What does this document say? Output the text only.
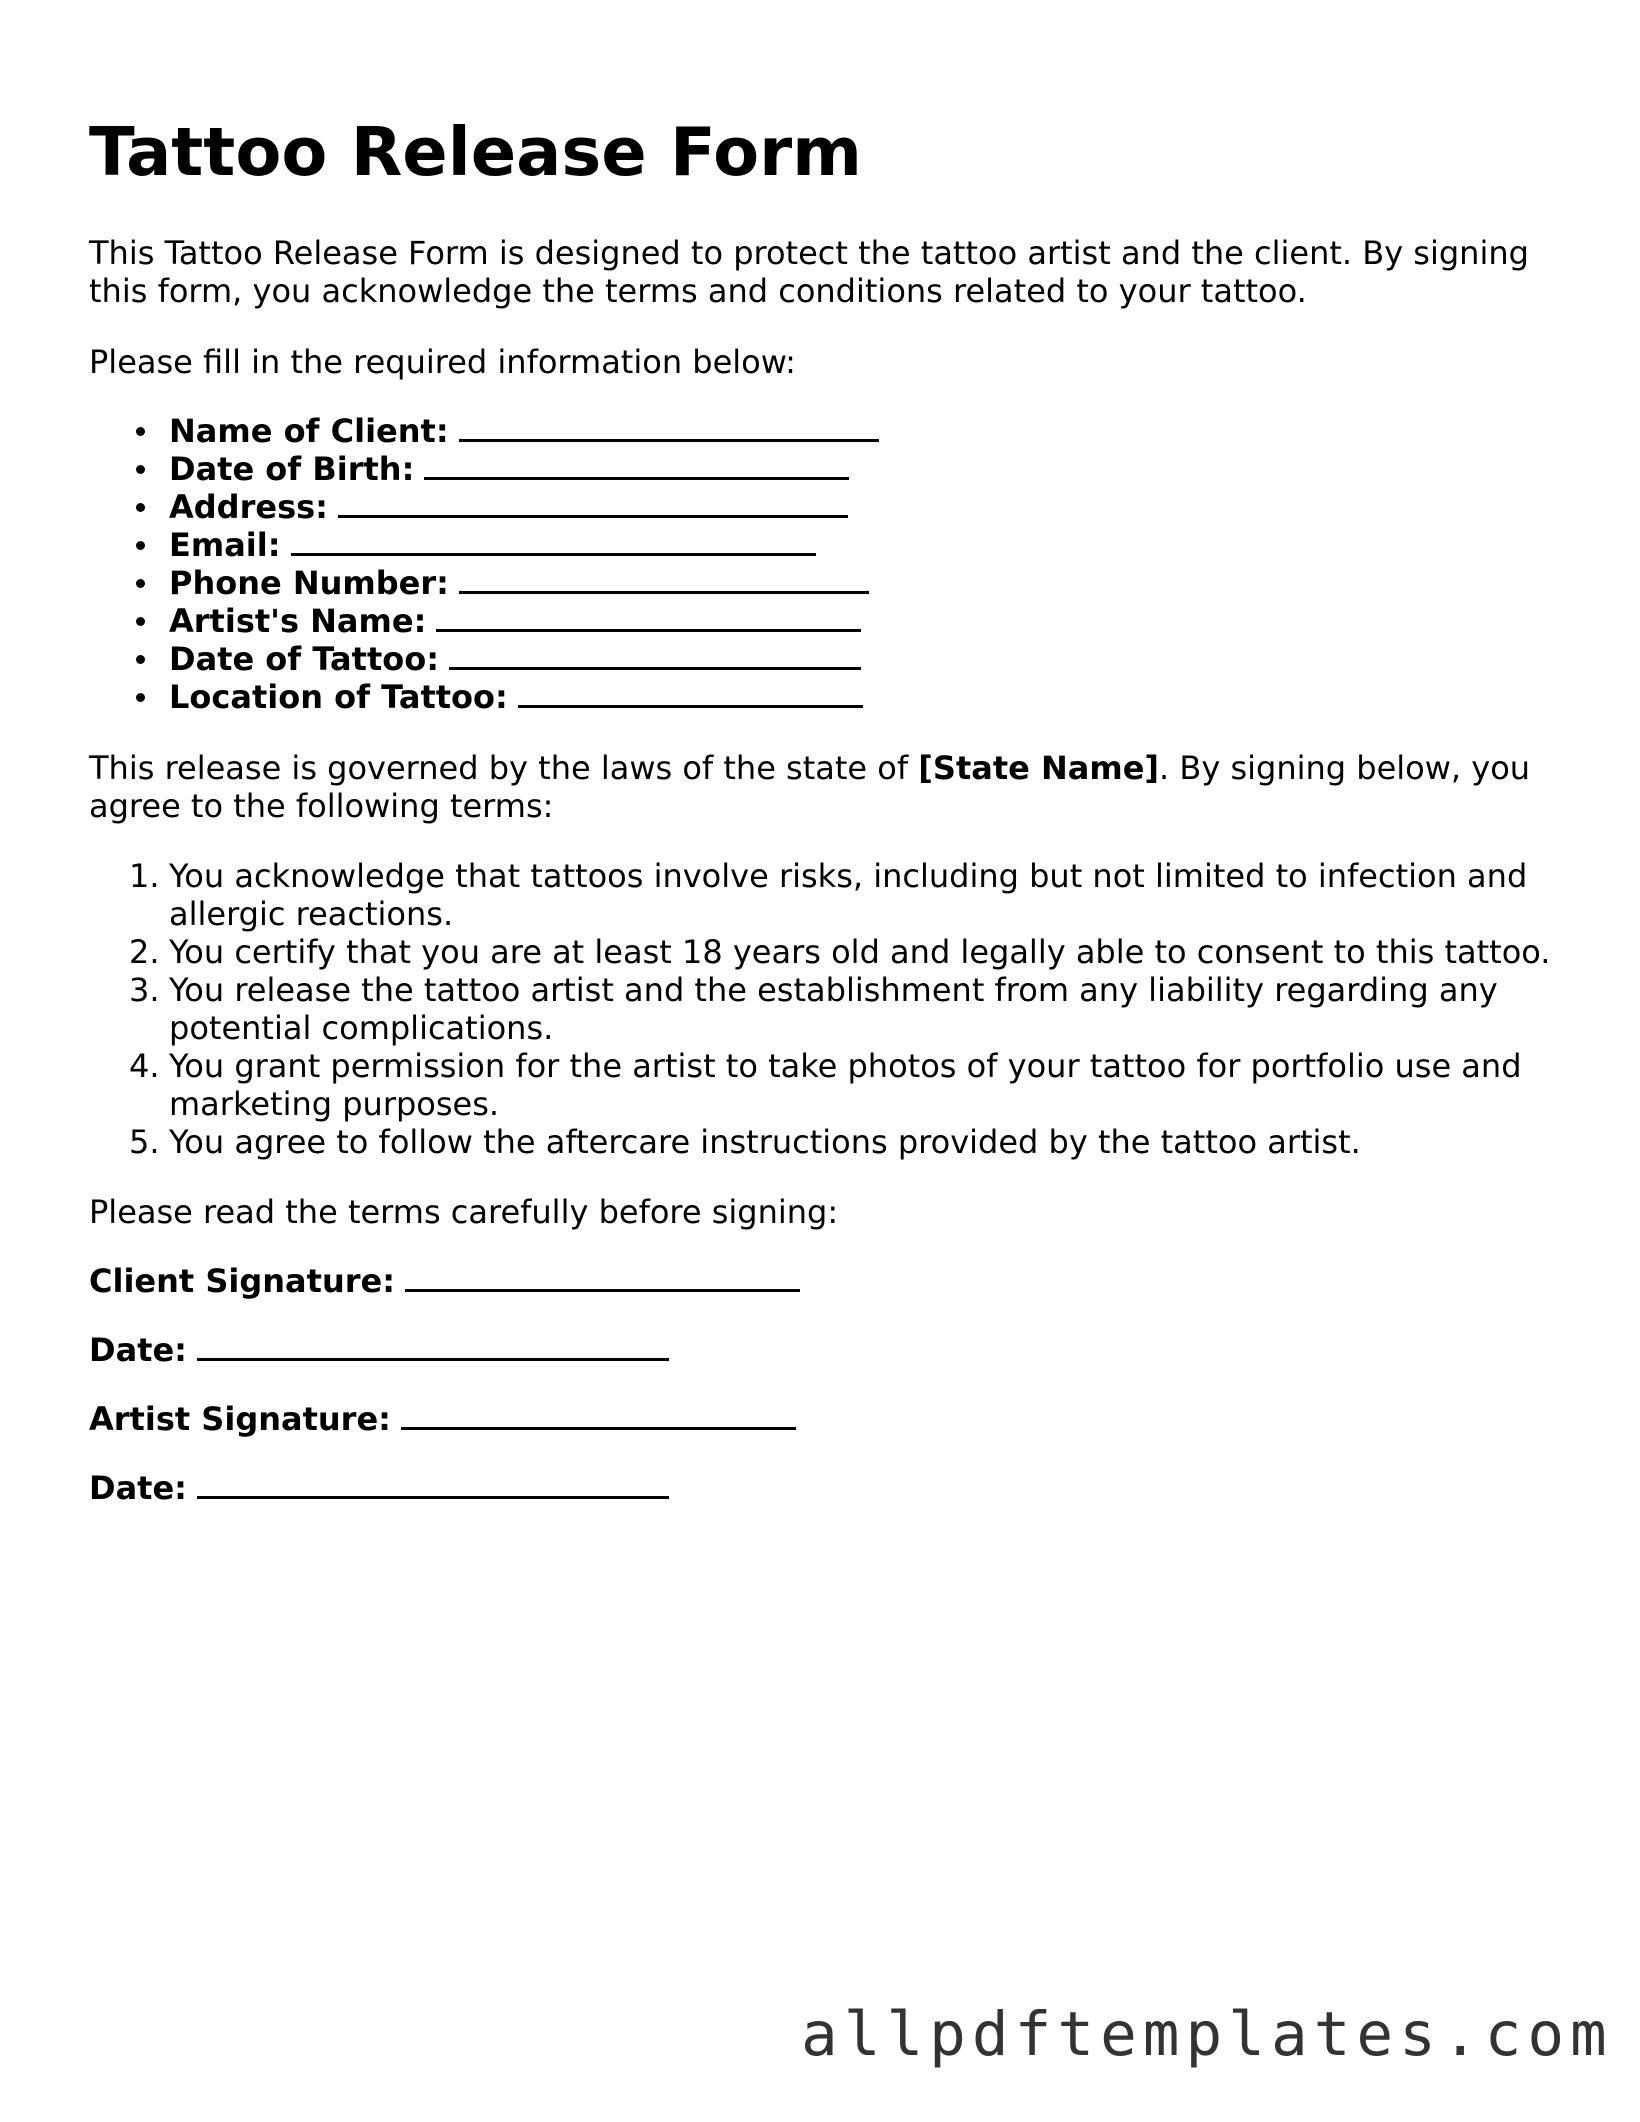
Tattoo Release Form

This Tattoo Release Form is designed to protect the tattoo artist and the client. By signing this form, you acknowledge the terms and conditions related to your tattoo.

Please fill in the required information below:

Name of Client:
Date of Birth:
Address:
Email:
Phone Number:
Artist's Name:
Date of Tattoo:
Location of Tattoo:

This release is governed by the laws of the state of [State Name]. By signing below, you agree to the following terms:

1. You acknowledge that tattoos involve risks, including but not limited to infection and allergic reactions.
2. You certify that you are at least 18 years old and legally able to consent to this tattoo.
3. You release the tattoo artist and the establishment from any liability regarding any potential complications.
4. You grant permission for the artist to take photos of your tattoo for portfolio use and marketing purposes.
5. You agree to follow the aftercare instructions provided by the tattoo artist.

Please read the terms carefully before signing:

Client Signature:

Date:

Artist Signature:

Date:

allpdftemplates.com
